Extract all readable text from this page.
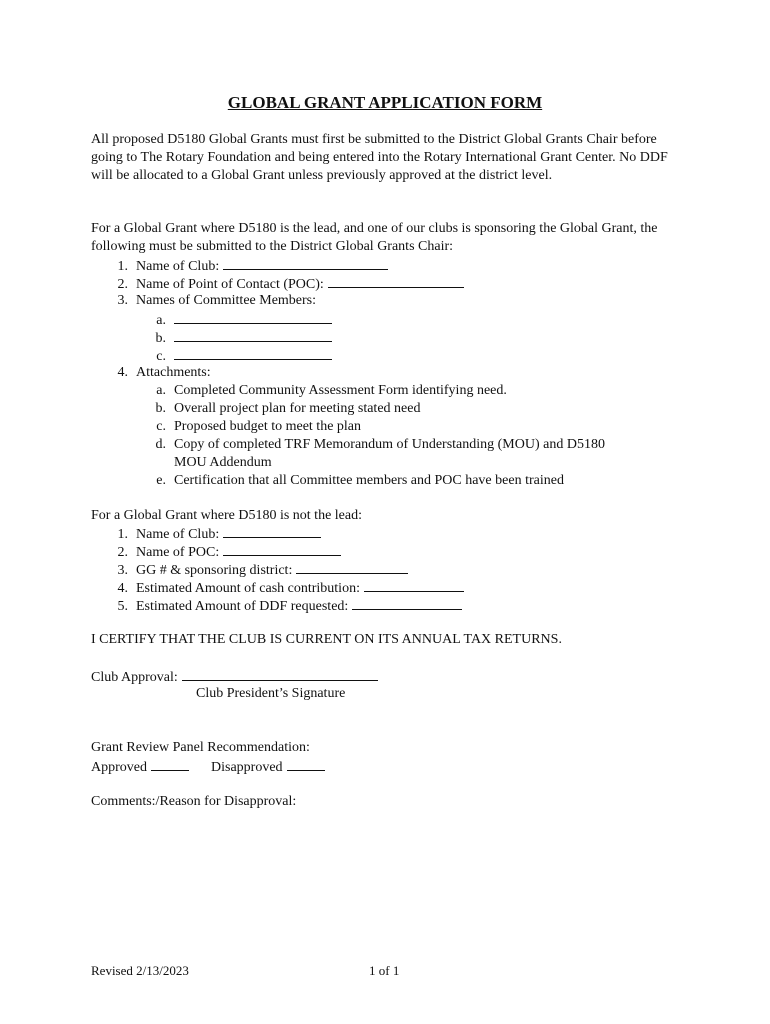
GLOBAL GRANT APPLICATION FORM
All proposed D5180 Global Grants must first be submitted to the District Global Grants Chair before going to The Rotary Foundation and being entered into the Rotary International Grant Center. No DDF will be allocated to a Global Grant unless previously approved at the district level.
For a Global Grant where D5180 is the lead, and one of our clubs is sponsoring the Global Grant, the following must be submitted to the District Global Grants Chair:
1. Name of Club:
2. Name of Point of Contact (POC):
3. Names of Committee Members:
a.
b.
c.
4. Attachments:
a. Completed Community Assessment Form identifying need.
b. Overall project plan for meeting stated need
c. Proposed budget to meet the plan
d. Copy of completed TRF Memorandum of Understanding (MOU) and D5180
MOU Addendum
e. Certification that all Committee members and POC have been trained
For a Global Grant where D5180 is not the lead:
1. Name of Club:
2. Name of POC:
3. GG # & sponsoring district:
4. Estimated Amount of cash contribution:
5. Estimated Amount of DDF requested:
I CERTIFY THAT THE CLUB IS CURRENT ON ITS ANNUAL TAX RETURNS.
Club Approval:
Club President’s Signature
Grant Review Panel Recommendation:
Approved	Disapproved
Comments:/Reason for Disapproval:
Revised 2/13/2023	1 of 1
